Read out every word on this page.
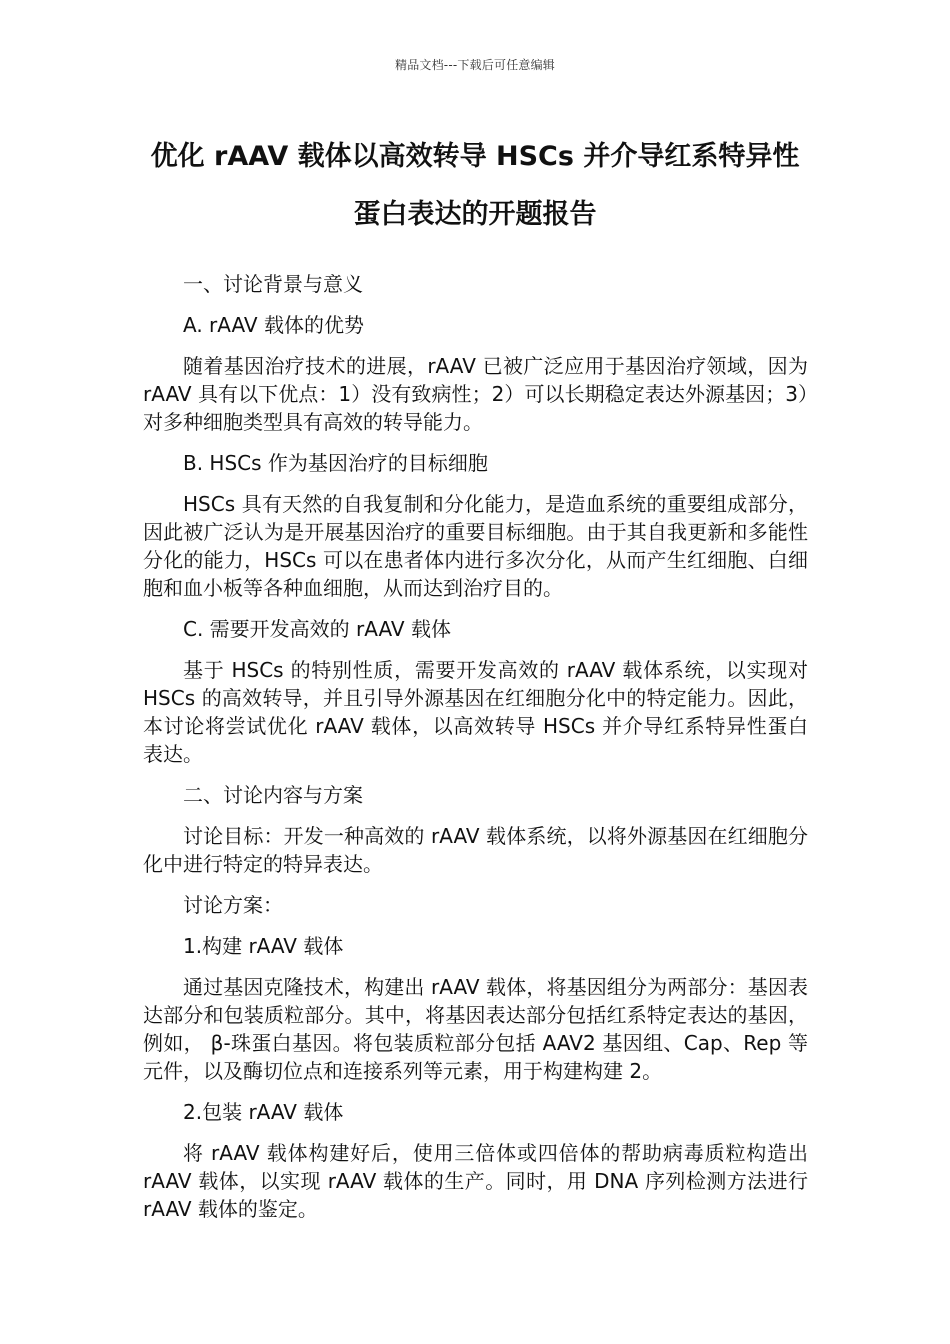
精品文档---下载后可任意编辑
优化 rAAV 载体以高效转导 HSCs 并介导红系特异性
蛋白表达的开题报告

一、讨论背景与意义

A. rAAV 载体的优势

随着基因治疗技术的进展，rAAV 已被广泛应用于基因治疗领域，因为 rAAV 具有以下优点：1）没有致病性；2）可以长期稳定表达外源基因；3）对多种细胞类型具有高效的转导能力。

B. HSCs 作为基因治疗的目标细胞

HSCs 具有天然的自我复制和分化能力，是造血系统的重要组成部分，因此被广泛认为是开展基因治疗的重要目标细胞。由于其自我更新和多能性分化的能力，HSCs 可以在患者体内进行多次分化，从而产生红细胞、白细胞和血小板等各种血细胞，从而达到治疗目的。

C. 需要开发高效的 rAAV 载体

基于 HSCs 的特别性质，需要开发高效的 rAAV 载体系统，以实现对 HSCs 的高效转导，并且引导外源基因在红细胞分化中的特定能力。因此，本讨论将尝试优化 rAAV 载体，以高效转导 HSCs 并介导红系特异性蛋白表达。

二、讨论内容与方案

讨论目标：开发一种高效的 rAAV 载体系统，以将外源基因在红细胞分化中进行特定的特异表达。

讨论方案：

1.构建 rAAV 载体

通过基因克隆技术，构建出 rAAV 载体，将基因组分为两部分：基因表达部分和包装质粒部分。其中，将基因表达部分包括红系特定表达的基因，例如， β-珠蛋白基因。将包装质粒部分包括 AAV2 基因组、Cap、Rep 等元件，以及酶切位点和连接系列等元素，用于构建构建 2。

2.包装 rAAV 载体

将 rAAV 载体构建好后，使用三倍体或四倍体的帮助病毒质粒构造出 rAAV 载体，以实现 rAAV 载体的生产。同时，用 DNA 序列检测方法进行 rAAV 载体的鉴定。
